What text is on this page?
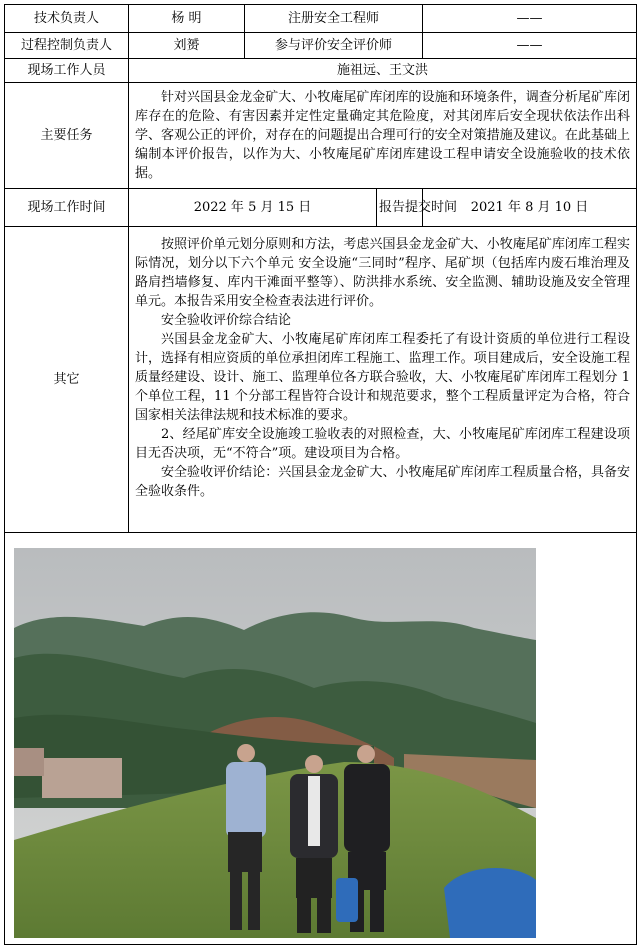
技术负责人	杨 明	注册安全工程师		——
过程控制负责人	刘赟	参与评价安全评价师		——
现场工作人员	施祖远、王文洪			
主要任务	针对兴国县金龙金矿大、小牧庵尾矿库闭库的设施和环境条件，调查分析尾矿库闭库存在的危险、有害因素并定性定量确定其危险度，对其闭库后安全现状依法作出科学、客观公正的评价，对存在的问题提出合理可行的安全对策措施及建议。在此基础上编制本评价报告，以作为大、小牧庵尾矿库闭库建设工程申请安全设施验收的技术依据。			

现场工作时间	2022 年 5 月 15 日		报告提交时间	2021 年 8 月 10 日
其它	按照评价单元划分原则和方法，考虑兴国县金龙金矿大、小牧庵尾矿库闭库工程实际情况，划分以下六个单元 安全设施“三同时”程序、尾矿坝（包括库内废石堆治理及路肩挡墙修复、库内干滩面平整等）、防洪排水系统、安全监测、辅助设施及安全管理单元。本报告采用安全检查表法进行评价。
安全验收评价综合结论
兴国县金龙金矿大、小牧庵尾矿库闭库工程委托了有设计资质的单位进行工程设计，选择有相应资质的单位承担闭库工程施工、监理工作。项目建成后，安全设施工程质量经建设、设计、施工、监理单位各方联合验收，大、小牧庵尾矿库闭库工程划分 1 个单位工程，11 个分部工程皆符合设计和规范要求，整个工程质量评定为合格，符合国家相关法律法规和技术标准的要求。
2、经尾矿库安全设施竣工验收表的对照检查，大、小牧庵尾矿库闭库工程建设项目无否决项，无“不符合”项。建设项目为合格。
安全验收评价结论：兴国县金龙金矿大、小牧庵尾矿库闭库工程质量合格，具备安全验收条件。			
